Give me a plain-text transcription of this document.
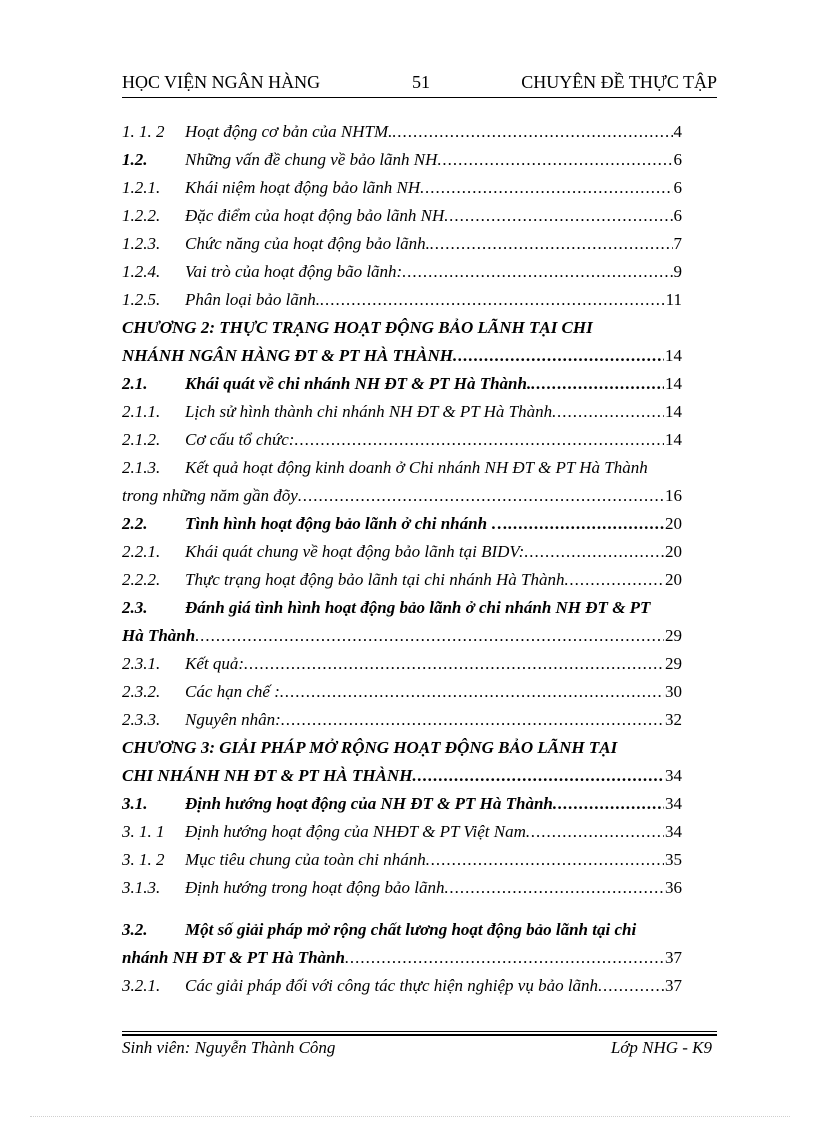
HỌC VIỆN NGÂN HÀNG	51	CHUYÊN ĐỀ THỰC TẬP
1. 1. 2 Hoạt động cơ bản của NHTM. .....	4
1.2. Những vấn đề chung về bảo lãnh NH .....	6
1.2.1. Khái niệm hoạt động bảo lãnh NH .....	6
1.2.2. Đặc điểm của hoạt động bảo lãnh NH .....	6
1.2.3. Chức năng của hoạt động bảo lãnh. .....	7
1.2.4. Vai trò của hoạt động bão lãnh: .....	9
1.2.5. Phân loại bảo lãnh. .....	11
CHƯƠNG 2: THỰC TRẠNG HOẠT ĐỘNG BẢO LÃNH TẠI CHI
NHÁNH NGÂN HÀNG ĐT & PT HÀ THÀNH .....	14
2.1. Khái quát về chi nhánh NH ĐT & PT Hà Thành. .....	14
2.1.1. Lịch sử hình thành chi nhánh NH ĐT & PT Hà Thành .....	14
2.1.2. Cơ cấu tổ chức: .....	14
2.1.3. Kết quả hoạt động kinh doanh ở Chi nhánh NH ĐT & PT Hà Thành
trong những năm gần đõy .....	16
2.2. Tình hình hoạt động bảo lãnh ở chi nhánh … .....	20
2.2.1. Khái quát chung về hoạt động bảo lãnh tại BIDV: .....	20
2.2.2. Thực trạng hoạt động bảo lãnh tại chi nhánh Hà Thành .....	20
2.3. Đánh giá tình hình hoạt động bảo lãnh ở chi nhánh NH ĐT & PT
Hà Thành .....	29
2.3.1. Kết quả: .....	29
2.3.2. Các hạn chế : .....	30
2.3.3. Nguyên nhân: .....	32
CHƯƠNG 3: GIẢI PHÁP MỞ RỘNG HOẠT ĐỘNG BẢO LÃNH TẠI
CHI NHÁNH NH ĐT & PT HÀ THÀNH .....	34
3.1. Định hướng hoạt động của NH ĐT & PT Hà Thành .....	34
3. 1. 1 Định hướng hoạt động của NHĐT & PT Việt Nam .....	34
3. 1. 2 Mục tiêu chung của toàn chi nhánh .....	35
3.1.3. Định hướng trong hoạt động bảo lãnh .....	36
3.2. Một số giải pháp mở rộng chất lương hoạt động bảo lãnh tại chi
nhánh NH ĐT & PT Hà Thành .....	37
3.2.1. Các giải pháp đối với công tác thực hiện nghiệp vụ bảo lãnh .....	37
Sinh viên: Nguyễn Thành Công	Lớp NHG - K9
